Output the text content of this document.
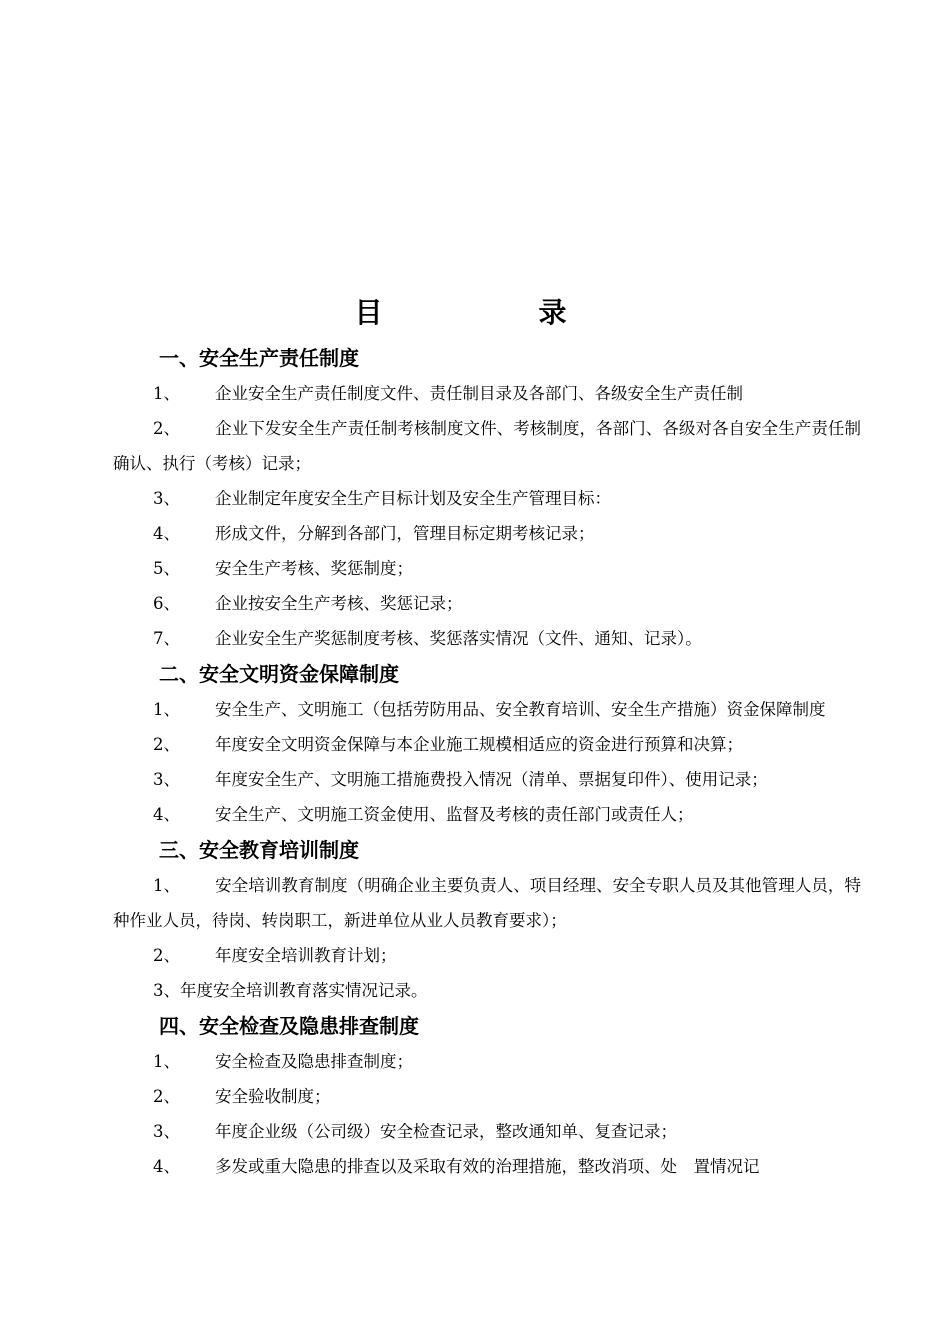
目　录
一、安全生产责任制度
1、 企业安全生产责任制度文件、责任制目录及各部门、各级安全生产责任制
2、 企业下发安全生产责任制考核制度文件、考核制度，各部门、各级对各自安全生产责任制确认、执行（考核）记录；
3、 企业制定年度安全生产目标计划及安全生产管理目标：
4、 形成文件，分解到各部门，管理目标定期考核记录；
5、 安全生产考核、奖惩制度；
6、 企业按安全生产考核、奖惩记录；
7、 企业安全生产奖惩制度考核、奖惩落实情况（文件、通知、记录）。
二、安全文明资金保障制度
1、 安全生产、文明施工（包括劳防用品、安全教育培训、安全生产措施）资金保障制度
2、 年度安全文明资金保障与本企业施工规模相适应的资金进行预算和决算；
3、 年度安全生产、文明施工措施费投入情况（清单、票据复印件）、使用记录；
4、 安全生产、文明施工资金使用、监督及考核的责任部门或责任人；
三、安全教育培训制度
1、 安全培训教育制度（明确企业主要负责人、项目经理、安全专职人员及其他管理人员，特种作业人员，待岗、转岗职工，新进单位从业人员教育要求）；
2、 年度安全培训教育计划；
3、年度安全培训教育落实情况记录。
四、安全检查及隐患排查制度
1、 安全检查及隐患排查制度；
2、 安全验收制度；
3、 年度企业级（公司级）安全检查记录，整改通知单、复查记录；
4、 多发或重大隐患的排查以及采取有效的治理措施，整改消项、处　置情况记
